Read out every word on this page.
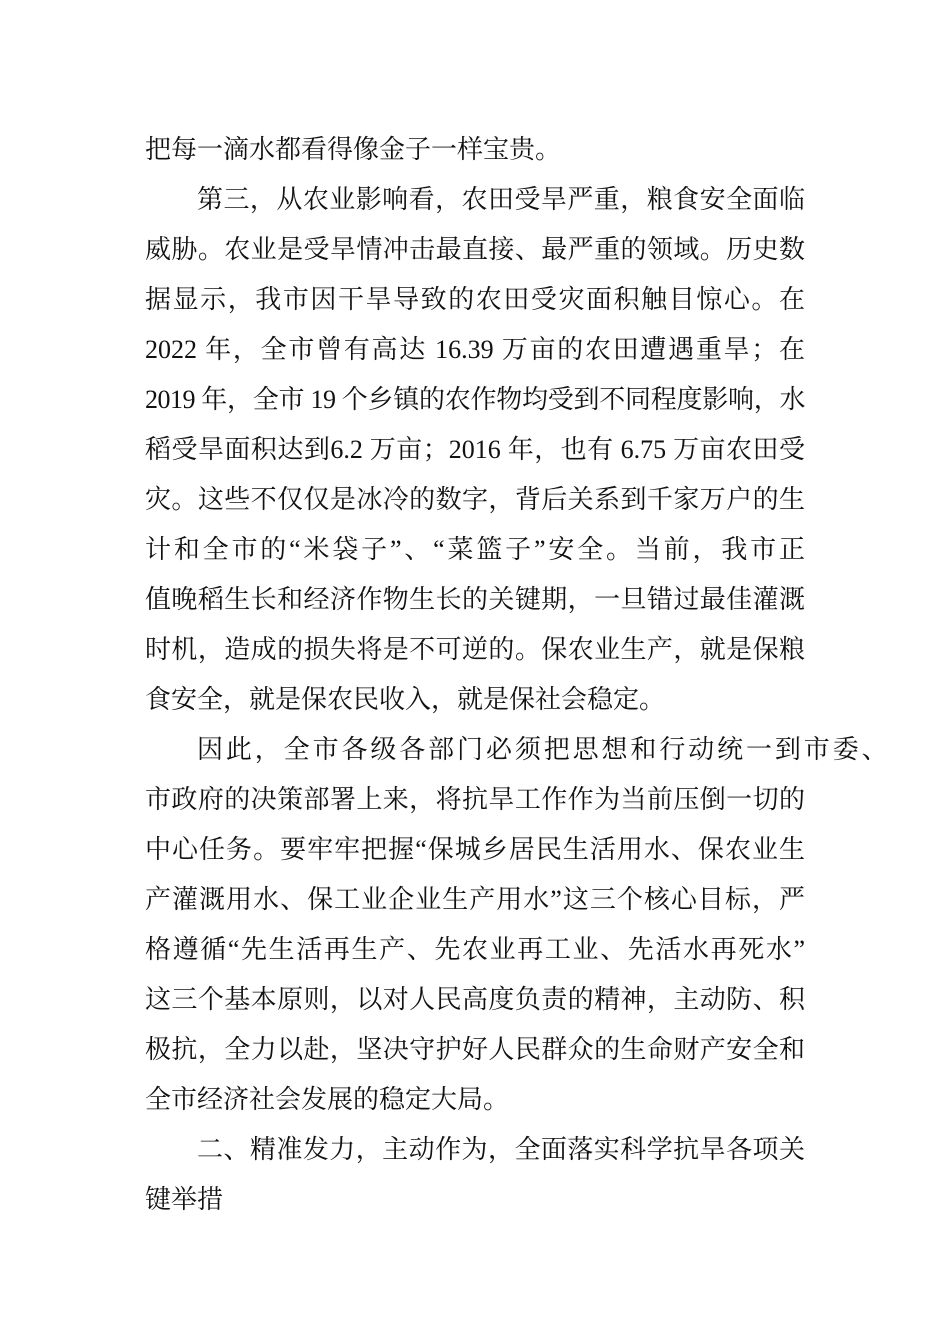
把每一滴水都看得像金子一样宝贵。
第三，从农业影响看，农田受旱严重，粮食安全面临
威胁。农业是受旱情冲击最直接、最严重的领域。历史数
据显示，我市因干旱导致的农田受灾面积触目惊心。在
2022 年，全市曾有高达 16.39 万亩的农田遭遇重旱；在
2019 年，全市 19 个乡镇的农作物均受到不同程度影响，水
稻受旱面积达到6.2 万亩；2016 年，也有 6.75 万亩农田受
灾。这些不仅仅是冰冷的数字，背后关系到千家万户的生
计和全市的“米袋子”、“菜篮子”安全。当前，我市正
值晚稻生长和经济作物生长的关键期，一旦错过最佳灌溉
时机，造成的损失将是不可逆的。保农业生产，就是保粮
食安全，就是保农民收入，就是保社会稳定。
因此，全市各级各部门必须把思想和行动统一到市委、
市政府的决策部署上来，将抗旱工作作为当前压倒一切的
中心任务。要牢牢把握“保城乡居民生活用水、保农业生
产灌溉用水、保工业企业生产用水”这三个核心目标，严
格遵循“先生活再生产、先农业再工业、先活水再死水”
这三个基本原则，以对人民高度负责的精神，主动防、积
极抗，全力以赴，坚决守护好人民群众的生命财产安全和
全市经济社会发展的稳定大局。
二、精准发力，主动作为，全面落实科学抗旱各项关
键举措
